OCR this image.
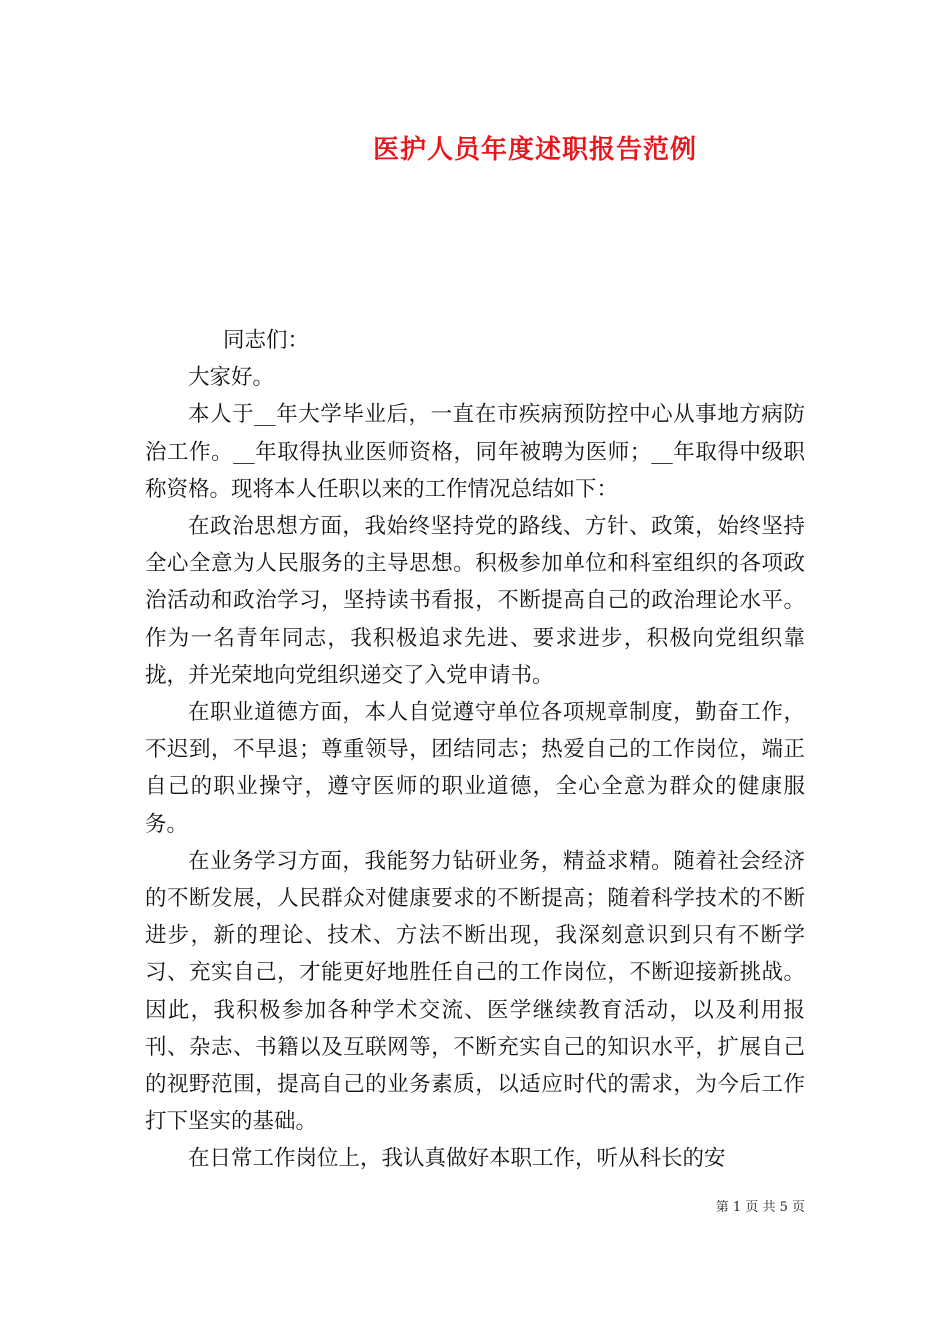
医护人员年度述职报告范例

同志们：

大家好。

本人于__年大学毕业后，一直在市疾病预防控中心从事地方病防治工作。__年取得执业医师资格，同年被聘为医师；__年取得中级职称资格。现将本人任职以来的工作情况总结如下：

在政治思想方面，我始终坚持党的路线、方针、政策，始终坚持全心全意为人民服务的主导思想。积极参加单位和科室组织的各项政治活动和政治学习，坚持读书看报，不断提高自己的政治理论水平。作为一名青年同志，我积极追求先进、要求进步，积极向党组织靠拢，并光荣地向党组织递交了入党申请书。

在职业道德方面，本人自觉遵守单位各项规章制度，勤奋工作，不迟到，不早退；尊重领导，团结同志；热爱自己的工作岗位，端正自己的职业操守，遵守医师的职业道德，全心全意为群众的健康服务。

在业务学习方面，我能努力钻研业务，精益求精。随着社会经济的不断发展，人民群众对健康要求的不断提高；随着科学技术的不断进步，新的理论、技术、方法不断出现，我深刻意识到只有不断学习、充实自己，才能更好地胜任自己的工作岗位，不断迎接新挑战。因此，我积极参加各种学术交流、医学继续教育活动，以及利用报刊、杂志、书籍以及互联网等，不断充实自己的知识水平，扩展自己的视野范围，提高自己的业务素质，以适应时代的需求，为今后工作打下坚实的基础。

在日常工作岗位上，我认真做好本职工作，听从科长的安

第 1 页 共 5 页
